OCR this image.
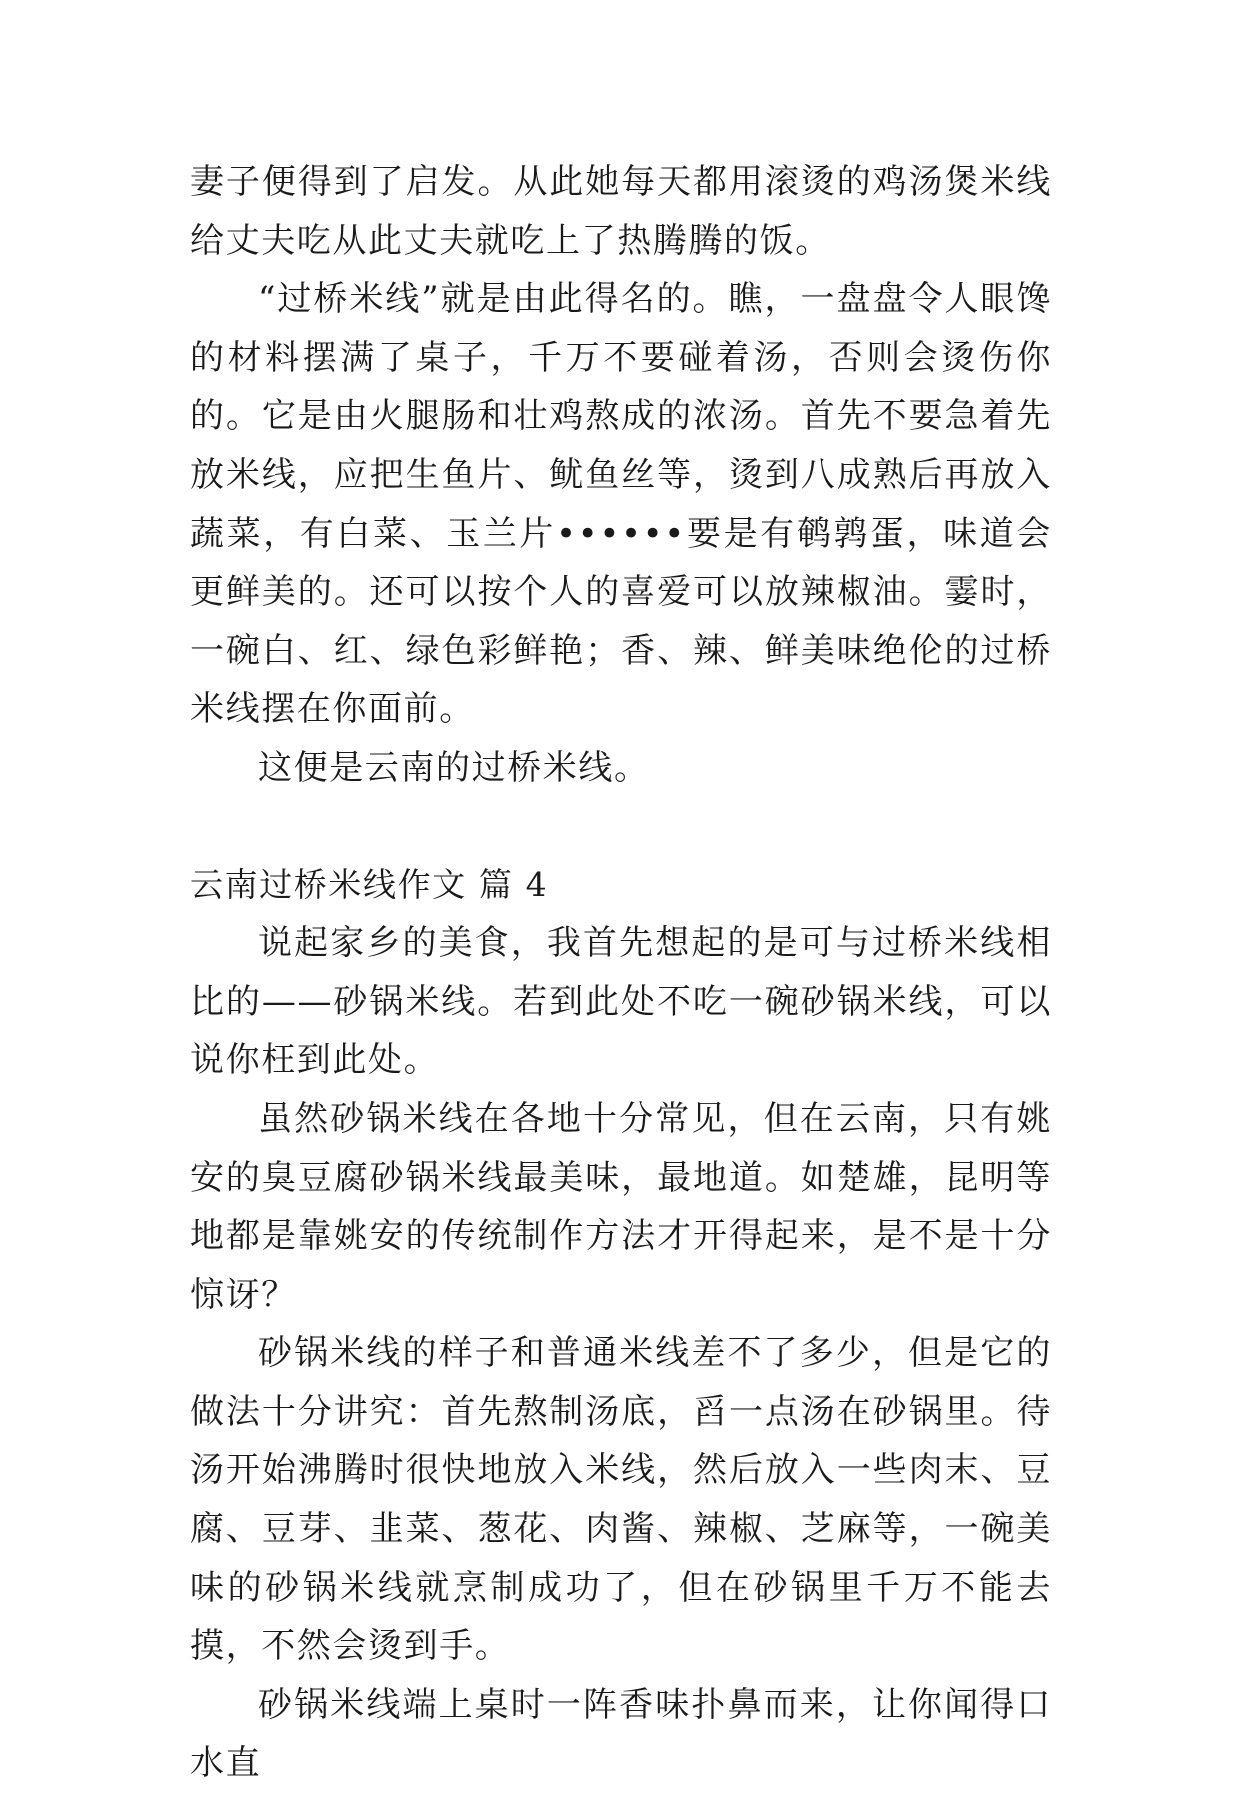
妻子便得到了启发。从此她每天都用滚烫的鸡汤煲米线给丈夫吃从此丈夫就吃上了热腾腾的饭。

“过桥米线”就是由此得名的。瞧，一盘盘令人眼馋的材料摆满了桌子，千万不要碰着汤，否则会烫伤你的。它是由火腿肠和壮鸡熬成的浓汤。首先不要急着先放米线，应把生鱼片、鱿鱼丝等，烫到八成熟后再放入蔬菜，有白菜、玉兰片••••••要是有鹌鹑蛋，味道会更鲜美的。还可以按个人的喜爱可以放辣椒油。霎时，一碗白、红、绿色彩鲜艳；香、辣、鲜美味绝伦的过桥米线摆在你面前。

这便是云南的过桥米线。

云南过桥米线作文 篇 4

说起家乡的美食，我首先想起的是可与过桥米线相比的——砂锅米线。若到此处不吃一碗砂锅米线，可以说你枉到此处。

虽然砂锅米线在各地十分常见，但在云南，只有姚安的臭豆腐砂锅米线最美味，最地道。如楚雄，昆明等地都是靠姚安的传统制作方法才开得起来，是不是十分惊讶？

砂锅米线的样子和普通米线差不了多少，但是它的做法十分讲究：首先熬制汤底，舀一点汤在砂锅里。待汤开始沸腾时很快地放入米线，然后放入一些肉末、豆腐、豆芽、韭菜、葱花、肉酱、辣椒、芝麻等，一碗美味的砂锅米线就烹制成功了，但在砂锅里千万不能去摸，不然会烫到手。

砂锅米线端上桌时一阵香味扑鼻而来，让你闻得口水直
